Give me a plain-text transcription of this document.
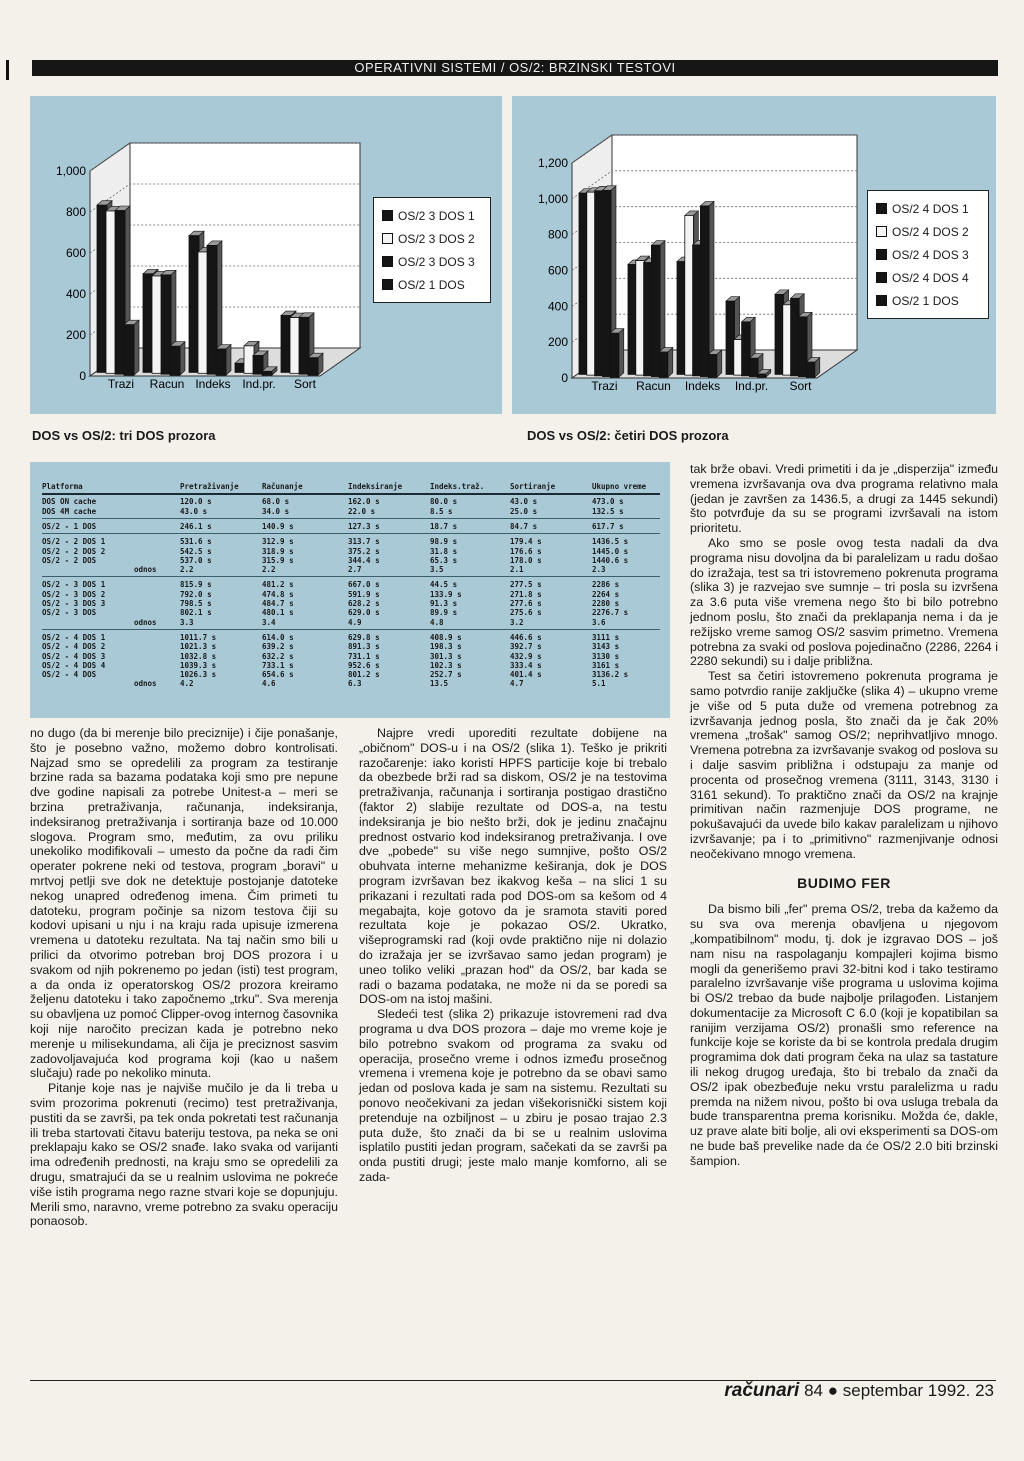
OPERATIVNI SISTEMI / OS/2: BRZINSKI TESTOVI
0
200
400
600
800
1,000
Trazi Racun Indeks Ind.pr. Sort
OS/2 3 DOS 1
OS/2 3 DOS 2
OS/2 3 DOS 3
OS/2 1 DOS
DOS vs OS/2: tri DOS prozora
0
200
400
600
800
1,000
1,200
Trazi Racun Indeks Ind.pr. Sort
OS/2 4 DOS 1
OS/2 4 DOS 2
OS/2 4 DOS 3
OS/2 4 DOS 4
OS/2 1 DOS
DOS vs OS/2: četiri DOS prozora
Platforma	Pretraživanje	Računanje	Indeksiranje	Indeks.traž.	Sortiranje	Ukupno vreme
DOS ON cache	120.0 s	68.0 s	162.0 s	80.0 s	43.0 s	473.0 s
DOS 4M cache	43.0 s	34.0 s	22.0 s	8.5 s	25.0 s	132.5 s
OS/2 - 1 DOS	246.1 s	140.9 s	127.3 s	18.7 s	84.7 s	617.7 s
OS/2 - 2 DOS 1	531.6 s	312.9 s	313.7 s	98.9 s	179.4 s	1436.5 s
OS/2 - 2 DOS 2	542.5 s	318.9 s	375.2 s	31.8 s	176.6 s	1445.0 s
OS/2 - 2 DOS	537.0 s	315.9 s	344.4 s	65.3 s	178.0 s	1440.6 s
odnos	2.2	2.2	2.7	3.5	2.1	2.3
OS/2 - 3 DOS 1	815.9 s	481.2 s	667.0 s	44.5 s	277.5 s	2286 s
OS/2 - 3 DOS 2	792.0 s	474.8 s	591.9 s	133.9 s	271.8 s	2264 s
OS/2 - 3 DOS 3	798.5 s	484.7 s	628.2 s	91.3 s	277.6 s	2280 s
OS/2 - 3 DOS	802.1 s	480.1 s	629.0 s	89.9 s	275.6 s	2276.7 s
odnos	3.3	3.4	4.9	4.8	3.2	3.6
OS/2 - 4 DOS 1	1011.7 s	614.0 s	629.8 s	408.9 s	446.6 s	3111 s
OS/2 - 4 DOS 2	1021.3 s	639.2 s	891.3 s	198.3 s	392.7 s	3143 s
OS/2 - 4 DOS 3	1032.8 s	632.2 s	731.1 s	301.3 s	432.9 s	3130 s
OS/2 - 4 DOS 4	1039.3 s	733.1 s	952.6 s	102.3 s	333.4 s	3161 s
OS/2 - 4 DOS	1026.3 s	654.6 s	801.2 s	252.7 s	401.4 s	3136.2 s
odnos	4.2	4.6	6.3	13.5	4.7	5.1

no dugo (da bi merenje bilo preciznije) i čije ponašanje, što je posebno važno, možemo dobro kontrolisati. Najzad smo se opredelili za program za testiranje brzine rada sa bazama podataka koji smo pre nepune dve godine napisali za potrebe Unitest-a – meri se brzina pretraživanja, računanja, indeksiranja, indeksiranog pretraživanja i sortiranja baze od 10.000 slogova. Program smo, međutim, za ovu priliku unekoliko modifikovali – umesto da počne da radi čim operater pokrene neki od testova, program „boravi" u mrtvoj petlji sve dok ne detektuje postojanje datoteke nekog unapred određenog imena. Čim primeti tu datoteku, program počinje sa nizom testova čiji su kodovi upisani u nju i na kraju rada upisuje izmerena vremena u datoteku rezultata. Na taj način smo bili u prilici da otvorimo potreban broj DOS prozora i u svakom od njih pokrenemo po jedan (isti) test program, a da onda iz operatorskog OS/2 prozora kreiramo željenu datoteku i tako započnemo „trku". Sva merenja su obavljena uz pomoć Clipper-ovog internog časovnika koji nije naročito precizan kada je potrebno neko merenje u milisekundama, ali čija je preciznost sasvim zadovoljavajuća kod programa koji (kao u našem slučaju) rade po nekoliko minuta.

Pitanje koje nas je najviše mučilo je da li treba u svim prozorima pokrenuti (recimo) test pretraživanja, pustiti da se završi, pa tek onda pokretati test računanja ili treba startovati čitavu bateriju testova, pa neka se oni preklapaju kako se OS/2 snađe. Iako svaka od varijanti ima određenih prednosti, na kraju smo se opredelili za drugu, smatrajući da se u realnim uslovima ne pokreće više istih programa nego razne stvari koje se dopunjuju. Merili smo, naravno, vreme potrebno za svaku operaciju ponaosob.

Najpre vredi uporediti rezultate dobijene na „običnom" DOS-u i na OS/2 (slika 1). Teško je prikriti razočarenje: iako koristi HPFS particije koje bi trebalo da obezbede brži rad sa diskom, OS/2 je na testovima pretraživanja, računanja i sortiranja postigao drastično (faktor 2) slabije rezultate od DOS-a, na testu indeksiranja je bio nešto brži, dok je jedinu značajnu prednost ostvario kod indeksiranog pretraživanja. I ove dve „pobede" su više nego sumnjive, pošto OS/2 obuhvata interne mehanizme keširanja, dok je DOS program izvršavan bez ikakvog keša – na slici 1 su prikazani i rezultati rada pod DOS-om sa kešom od 4 megabajta, koje gotovo da je sramota staviti pored rezultata koje je pokazao OS/2. Ukratko, višeprogramski rad (koji ovde praktično nije ni dolazio do izražaja jer se izvršavao samo jedan program) je uneo toliko veliki „prazan hod" da OS/2, bar kada se radi o bazama podataka, ne može ni da se poredi sa DOS-om na istoj mašini.

Sledeći test (slika 2) prikazuje istovremeni rad dva programa u dva DOS prozora – daje mo vreme koje je bilo potrebno svakom od programa za svaku od operacija, prosečno vreme i odnos između prosečnog vremena i vremena koje je potrebno da se obavi samo jedan od poslova kada je sam na sistemu. Rezultati su ponovo neočekivani za jedan višekorisnički sistem koji pretenduje na ozbiljnost – u zbiru je posao trajao 2.3 puta duže, što znači da bi se u realnim uslovima isplatilo pustiti jedan program, sačekati da se završi pa onda pustiti drugi; jeste malo manje komforno, ali se zada-

tak brže obavi. Vredi primetiti i da je „disperzija" između vremena izvršavanja ova dva programa relativno mala (jedan je završen za 1436.5, a drugi za 1445 sekundi) što potvrđuje da su se programi izvršavali na istom prioritetu.

Ako smo se posle ovog testa nadali da dva programa nisu dovoljna da bi paralelizam u radu došao do izražaja, test sa tri istovremeno pokrenuta programa (slika 3) je razvejao sve sumnje – tri posla su izvršena za 3.6 puta više vremena nego što bi bilo potrebno jednom poslu, što znači da preklapanja nema i da je režijsko vreme samog OS/2 sasvim primetno. Vremena potrebna za svaki od poslova pojedinačno (2286, 2264 i 2280 sekundi) su i dalje približna.

Test sa četiri istovremeno pokrenuta programa je samo potvrdio ranije zaključke (slika 4) – ukupno vreme je više od 5 puta duže od vremena potrebnog za izvršavanja jednog posla, što znači da je čak 20% vremena „trošak" samog OS/2; neprihvatljivo mnogo. Vremena potrebna za izvršavanje svakog od poslova su i dalje sasvim približna i odstupaju za manje od procenta od prosečnog vremena (3111, 3143, 3130 i 3161 sekund). To praktično znači da OS/2 na krajnje primitivan način razmenjuje DOS programe, ne pokušavajući da uvede bilo kakav paralelizam u njihovo izvršavanje; pa i to „primitivno" razmenjivanje odnosi neočekivano mnogo vremena.

BUDIMO FER

Da bismo bili „fer" prema OS/2, treba da kažemo da su sva ova merenja obavljena u njegovom „kompatibilnom" modu, tj. dok je izgravao DOS – još nam nisu na raspolaganju kompajleri kojima bismo mogli da generišemo pravi 32-bitni kod i tako testiramo paralelno izvršavanje više programa u uslovima kojima bi OS/2 trebao da bude najbolje prilagođen. Listanjem dokumentacije za Microsoft C 6.0 (koji je kopatibilan sa ranijim verzijama OS/2) pronašli smo reference na funkcije koje se koriste da bi se kontrola predala drugim programima dok dati program čeka na ulaz sa tastature ili nekog drugog uređaja, što bi trebalo da znači da OS/2 ipak obezbeđuje neku vrstu paralelizma u radu premda na nižem nivou, pošto bi ova usluga trebala da bude transparentna prema korisniku. Možda će, dakle, uz prave alate biti bolje, ali ovi eksperimenti sa DOS-om ne bude baš prevelike nade da će OS/2 2.0 biti brzinski šampion.

računari 84 ● septembar 1992. 23
